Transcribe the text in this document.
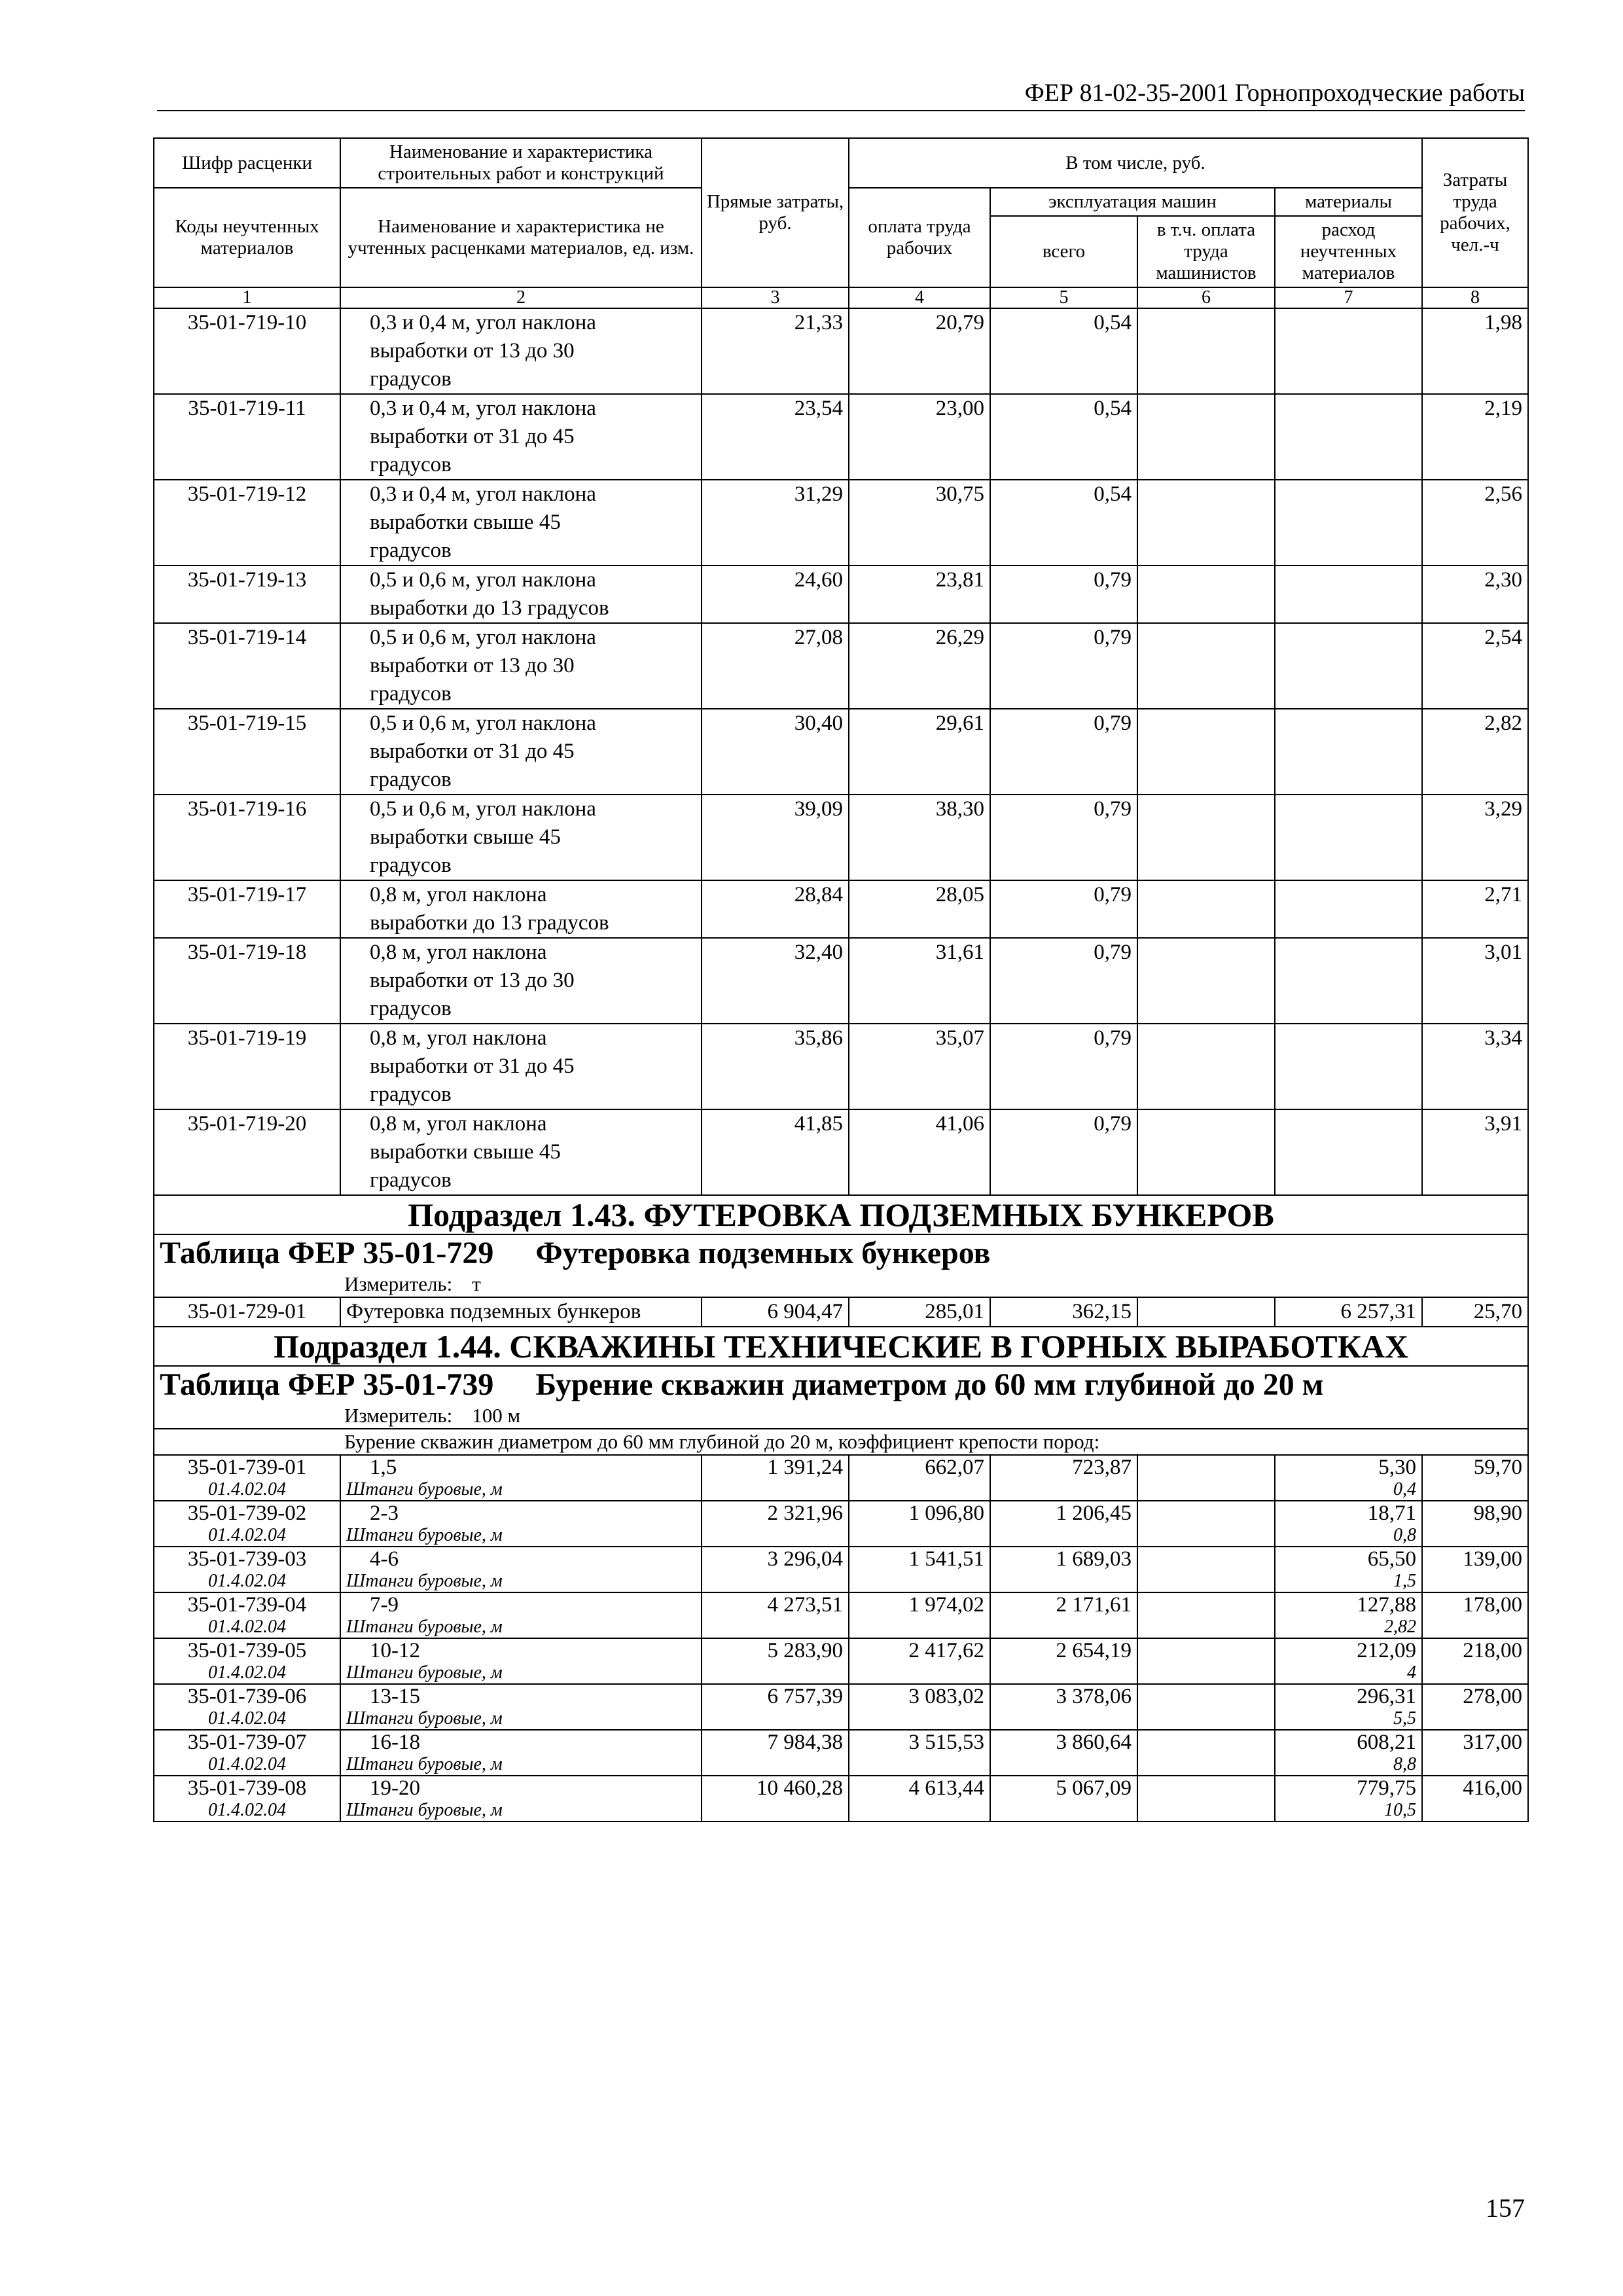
ФЕР 81-02-35-2001 Горнопроходческие работы
Шифр расценки	Наименование и характеристика строительных работ и конструкций	Прямые затраты, руб.	В том числе, руб.				Затраты труда рабочих, чел.-ч
Коды неучтенных материалов	Наименование и характеристика не учтенных расценками материалов, ед. изм.		оплата труда рабочих	эксплуатация машин		материалы	
				всего	в т.ч. оплата труда машинистов	расход неучтенных материалов	
1	2	3	4	5	6	7	8
35-01-719-10	0,3 и 0,4 м, угол наклона
выработки от 13 до 30
градусов	21,33	20,79	0,54			1,98
35-01-719-11	0,3 и 0,4 м, угол наклона
выработки от 31 до 45
градусов	23,54	23,00	0,54			2,19
35-01-719-12	0,3 и 0,4 м, угол наклона
выработки свыше 45
градусов	31,29	30,75	0,54			2,56
35-01-719-13	0,5 и 0,6 м, угол наклона
выработки до 13 градусов	24,60	23,81	0,79			2,30
35-01-719-14	0,5 и 0,6 м, угол наклона
выработки от 13 до 30
градусов	27,08	26,29	0,79			2,54
35-01-719-15	0,5 и 0,6 м, угол наклона
выработки от 31 до 45
градусов	30,40	29,61	0,79			2,82
35-01-719-16	0,5 и 0,6 м, угол наклона
выработки свыше 45
градусов	39,09	38,30	0,79			3,29
35-01-719-17	0,8 м, угол наклона
выработки до 13 градусов	28,84	28,05	0,79			2,71
35-01-719-18	0,8 м, угол наклона
выработки от 13 до 30
градусов	32,40	31,61	0,79			3,01
35-01-719-19	0,8 м, угол наклона
выработки от 31 до 45
градусов	35,86	35,07	0,79			3,34
35-01-719-20	0,8 м, угол наклона
выработки свыше 45
градусов	41,85	41,06	0,79			3,91
Подраздел 1.43. ФУТЕРОВКА ПОДЗЕМНЫХ БУНКЕРОВ							
Таблица ФЕР 35-01-729 Футеровка подземных бункеров							
Измеритель: т							
35-01-729-01	Футеровка подземных бункеров	6 904,47	285,01	362,15		6 257,31	25,70
Подраздел 1.44. СКВАЖИНЫ ТЕХНИЧЕСКИЕ В ГОРНЫХ ВЫРАБОТКАХ							
Таблица ФЕР 35-01-739 Бурение скважин диаметром до 60 мм глубиной до 20 м							
Измеритель: 100 м							
Бурение скважин диаметром до 60 мм глубиной до 20 м, коэффициент крепости пород:							
35-01-739-01	1,5	1 391,24	662,07	723,87		5,30	59,70
01.4.02.04	Штанги буровые, м					0,4	
35-01-739-02	2-3	2 321,96	1 096,80	1 206,45		18,71	98,90
01.4.02.04	Штанги буровые, м					0,8	
35-01-739-03	4-6	3 296,04	1 541,51	1 689,03		65,50	139,00
01.4.02.04	Штанги буровые, м					1,5	
35-01-739-04	7-9	4 273,51	1 974,02	2 171,61		127,88	178,00
01.4.02.04	Штанги буровые, м					2,82	
35-01-739-05	10-12	5 283,90	2 417,62	2 654,19		212,09	218,00
01.4.02.04	Штанги буровые, м					4	
35-01-739-06	13-15	6 757,39	3 083,02	3 378,06		296,31	278,00
01.4.02.04	Штанги буровые, м					5,5	
35-01-739-07	16-18	7 984,38	3 515,53	3 860,64		608,21	317,00
01.4.02.04	Штанги буровые, м					8,8	
35-01-739-08	19-20	10 460,28	4 613,44	5 067,09		779,75	416,00
01.4.02.04	Штанги буровые, м					10,5	
157
